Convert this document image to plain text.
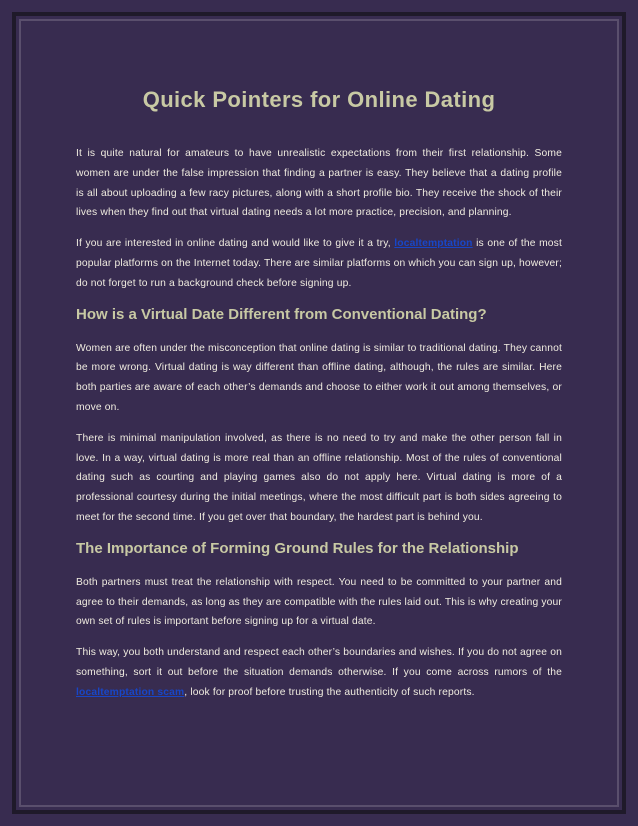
Quick Pointers for Online Dating

It is quite natural for amateurs to have unrealistic expectations from their first relationship. Some women are under the false impression that finding a partner is easy. They believe that a dating profile is all about uploading a few racy pictures, along with a short profile bio. They receive the shock of their lives when they find out that virtual dating needs a lot more practice, precision, and planning.

If you are interested in online dating and would like to give it a try, localtemptation is one of the most popular platforms on the Internet today. There are similar platforms on which you can sign up, however; do not forget to run a background check before signing up.

How is a Virtual Date Different from Conventional Dating?

Women are often under the misconception that online dating is similar to traditional dating. They cannot be more wrong. Virtual dating is way different than offline dating, although, the rules are similar. Here both parties are aware of each other’s demands and choose to either work it out among themselves, or move on.

There is minimal manipulation involved, as there is no need to try and make the other person fall in love. In a way, virtual dating is more real than an offline relationship. Most of the rules of conventional dating such as courting and playing games also do not apply here. Virtual dating is more of a professional courtesy during the initial meetings, where the most difficult part is both sides agreeing to meet for the second time. If you get over that boundary, the hardest part is behind you.

The Importance of Forming Ground Rules for the Relationship

Both partners must treat the relationship with respect. You need to be committed to your partner and agree to their demands, as long as they are compatible with the rules laid out. This is why creating your own set of rules is important before signing up for a virtual date.

This way, you both understand and respect each other’s boundaries and wishes. If you do not agree on something, sort it out before the situation demands otherwise. If you come across rumors of the localtemptation scam, look for proof before trusting the authenticity of such reports.
